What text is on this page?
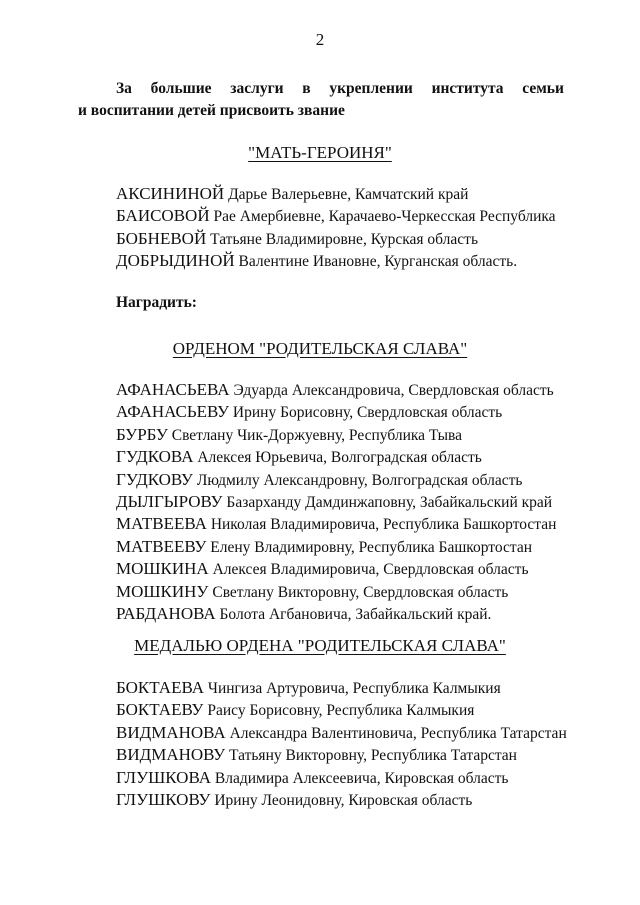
2
За большие заслуги в укреплении института семьи
и воспитании детей присвоить звание
"МАТЬ-ГЕРОИНЯ"
АКСИНИНОЙ Дарье Валерьевне, Камчатский край
БАИСОВОЙ Рае Амербиевне, Карачаево-Черкесская Республика
БОБНЕВОЙ Татьяне Владимировне, Курская область
ДОБРЫДИНОЙ Валентине Ивановне, Курганская область.
Наградить:
ОРДЕНОМ "РОДИТЕЛЬСКАЯ СЛАВА"
АФАНАСЬЕВА Эдуарда Александровича, Свердловская область
АФАНАСЬЕВУ Ирину Борисовну, Свердловская область
БУРБУ Светлану Чик-Доржуевну, Республика Тыва
ГУДКОВА Алексея Юрьевича, Волгоградская область
ГУДКОВУ Людмилу Александровну, Волгоградская область
ДЫЛГЫРОВУ Базарханду Дамдинжаповну, Забайкальский край
МАТВЕЕВА Николая Владимировича, Республика Башкортостан
МАТВЕЕВУ Елену Владимировну, Республика Башкортостан
МОШКИНА Алексея Владимировича, Свердловская область
МОШКИНУ Светлану Викторовну, Свердловская область
РАБДАНОВА Болота Агбановича, Забайкальский край.
МЕДАЛЬЮ ОРДЕНА "РОДИТЕЛЬСКАЯ СЛАВА"
БОКТАЕВА Чингиза Артуровича, Республика Калмыкия
БОКТАЕВУ Раису Борисовну, Республика Калмыкия
ВИДМАНОВА Александра Валентиновича, Республика Татарстан
ВИДМАНОВУ Татьяну Викторовну, Республика Татарстан
ГЛУШКОВА Владимира Алексеевича, Кировская область
ГЛУШКОВУ Ирину Леонидовну, Кировская область
